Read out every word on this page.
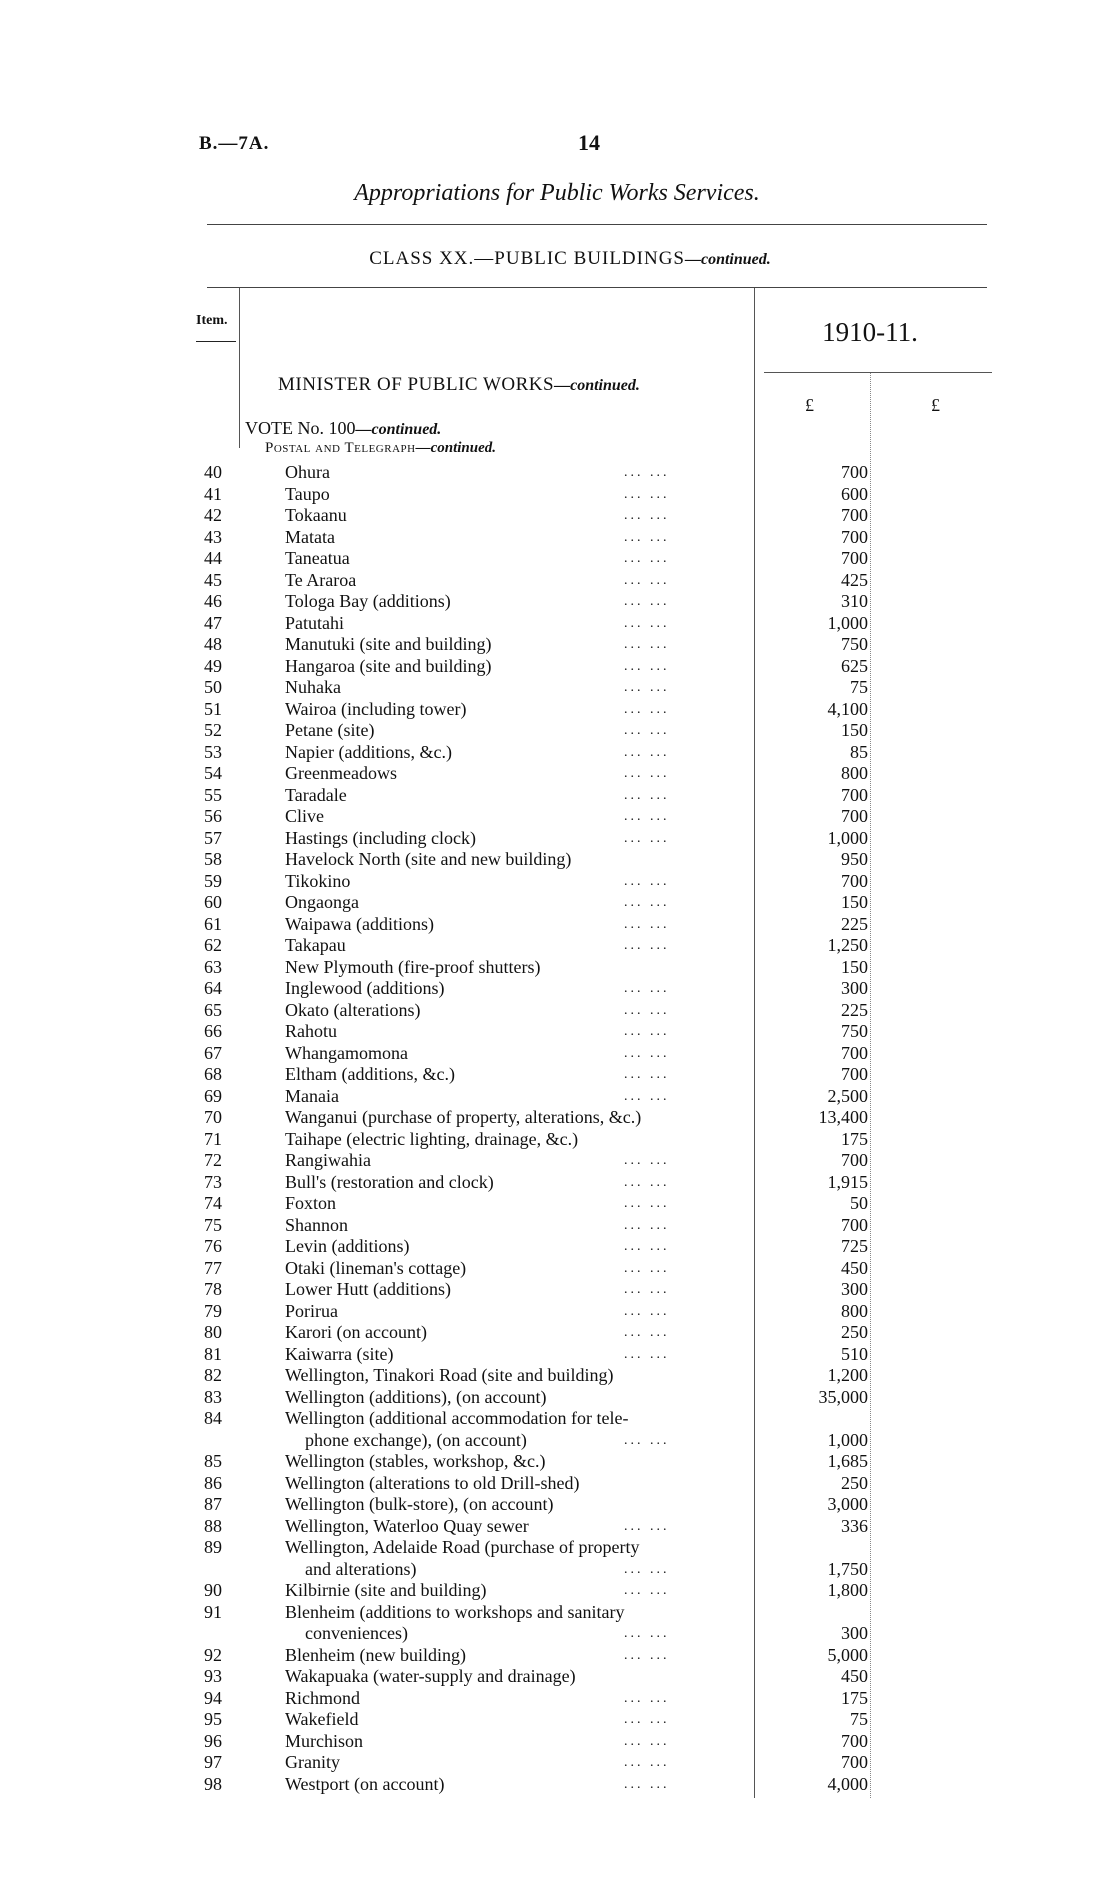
B.—7A.	14
Appropriations for Public Works Services.
CLASS XX.—PUBLIC BUILDINGS—continued.
Item.	1910-11.
£	£
MINISTER OF PUBLIC WORKS—continued.
VOTE No. 100—continued.
Postal and Telegraph—continued.
40	Ohura	700
... ...
41	Taupo	600
... ...
42	Tokaanu	700
... ...
43	Matata	700
... ...
44	Taneatua	700
... ...
45	Te Araroa	425
... ...
46	Tologa Bay (additions)	310
... ...
47	Patutahi	1,000
... ...
48	Manutuki (site and building)	750
... ...
49	Hangaroa (site and building)	625
... ...
50	Nuhaka	75
... ...
51	Wairoa (including tower)	4,100
... ...
52	Petane (site)	150
... ...
53	Napier (additions, &c.)	85
... ...
54	Greenmeadows	800
... ...
55	Taradale	700
... ...
56	Clive	700
... ...
57	Hastings (including clock)	1,000
... ...
58	Havelock North (site and new building)	950
59	Tikokino	700
... ...
60	Ongaonga	150
... ...
61	Waipawa (additions)	225
... ...
62	Takapau	1,250
... ...
63	New Plymouth (fire-proof shutters)	150
64	Inglewood (additions)	300
... ...
65	Okato (alterations)	225
... ...
66	Rahotu	750
... ...
67	Whangamomona	700
... ...
68	Eltham (additions, &c.)	700
... ...
69	Manaia	2,500
... ...
70	Wanganui (purchase of property, alterations, &c.)	13,400
71	Taihape (electric lighting, drainage, &c.)	175
72	Rangiwahia	700
... ...
73	Bull's (restoration and clock)	1,915
... ...
74	Foxton	50
... ...
75	Shannon	700
... ...
76	Levin (additions)	725
... ...
77	Otaki (lineman's cottage)	450
... ...
78	Lower Hutt (additions)	300
... ...
79	Porirua	800
... ...
80	Karori (on account)	250
... ...
81	Kaiwarra (site)	510
... ...
82	Wellington, Tinakori Road (site and building)	1,200
83	Wellington (additions), (on account)	35,000
84	Wellington (additional accommodation for tele-
phone exchange), (on account)	1,000
... ...
85	Wellington (stables, workshop, &c.)	1,685
86	Wellington (alterations to old Drill-shed)	250
87	Wellington (bulk-store), (on account)	3,000
88	Wellington, Waterloo Quay sewer	336
... ...
89	Wellington, Adelaide Road (purchase of property
and alterations)	1,750
... ...
90	Kilbirnie (site and building)	1,800
... ...
91	Blenheim (additions to workshops and sanitary
conveniences)	300
... ...
92	Blenheim (new building)	5,000
... ...
93	Wakapuaka (water-supply and drainage)	450
94	Richmond	175
... ...
95	Wakefield	75
... ...
96	Murchison	700
... ...
97	Granity	700
... ...
98	Westport (on account)	4,000
... ...
